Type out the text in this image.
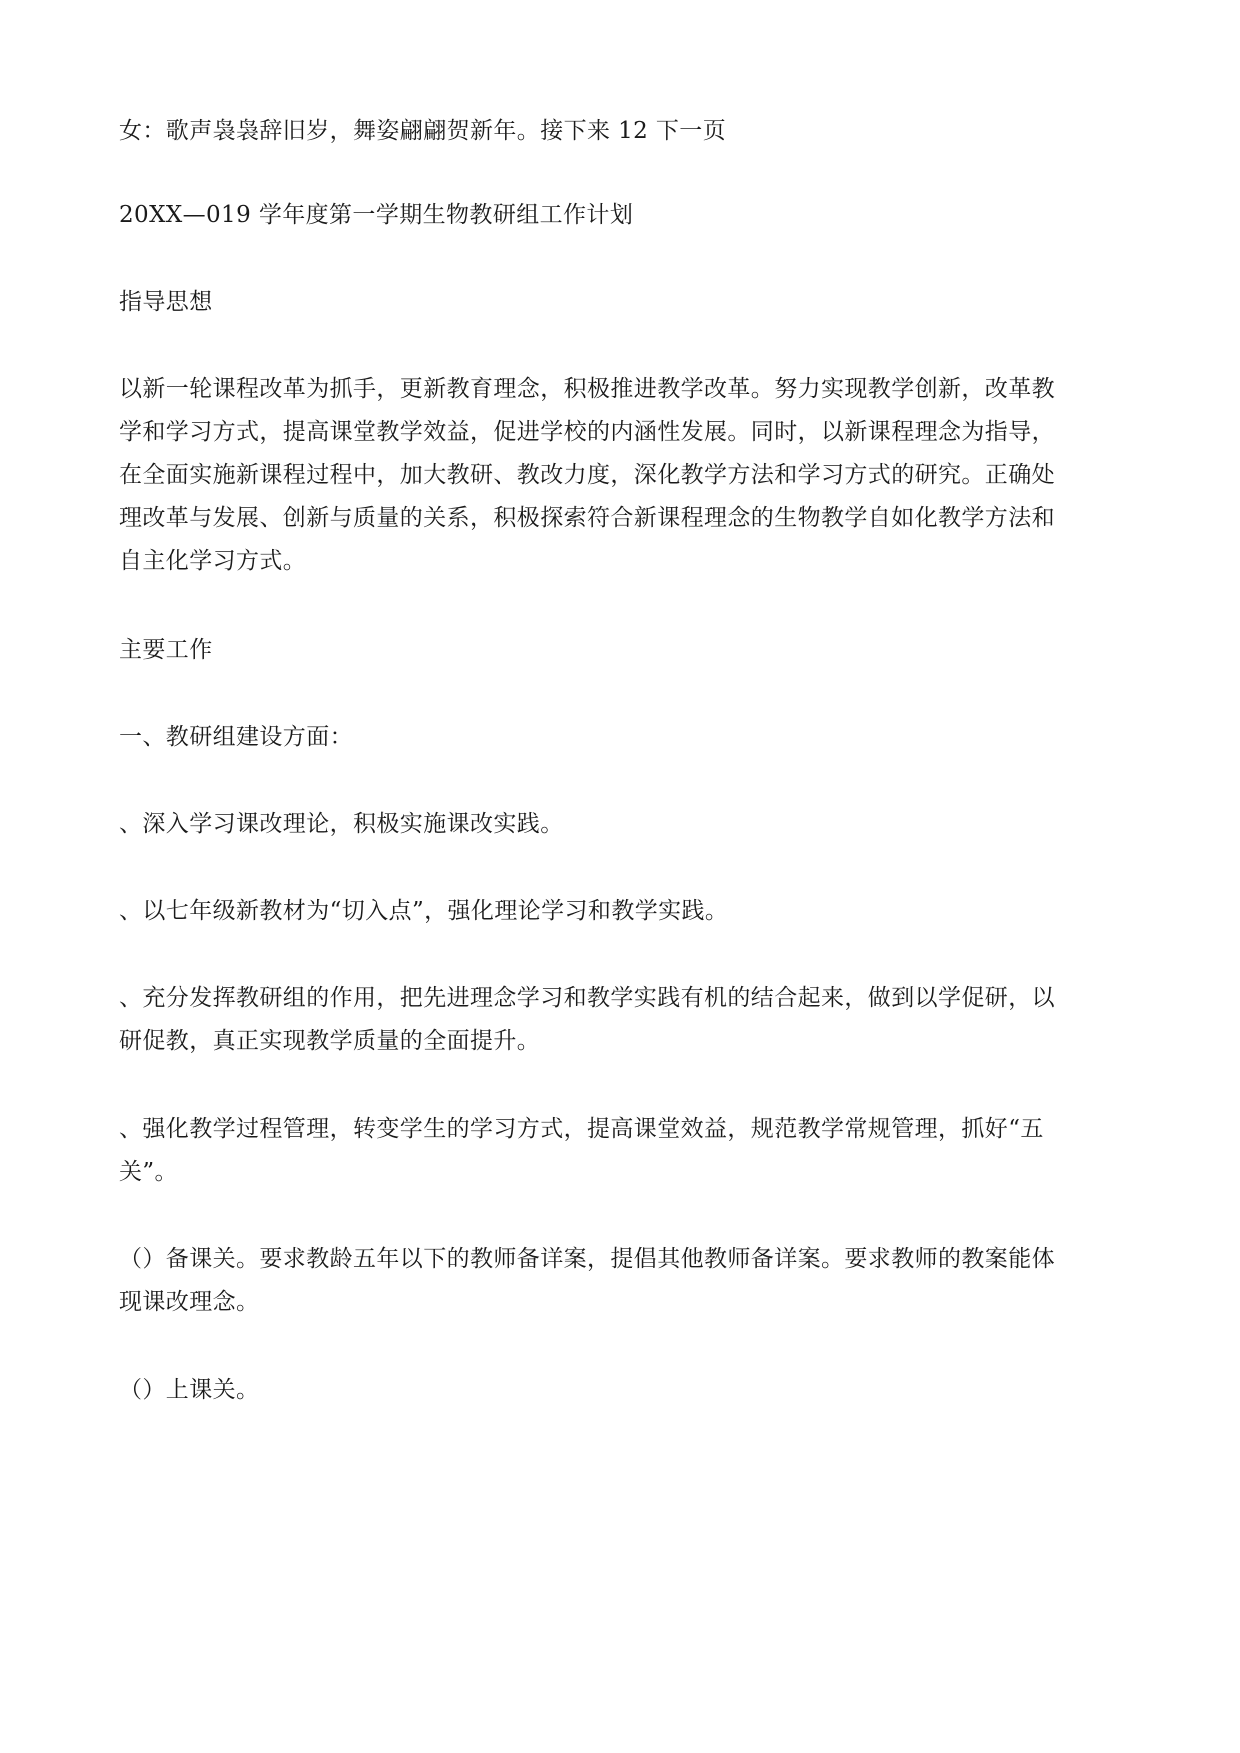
女：歌声袅袅辞旧岁，舞姿翩翩贺新年。接下来 12 下一页

20XX—019 学年度第一学期生物教研组工作计划

指导思想

以新一轮课程改革为抓手，更新教育理念，积极推进教学改革。努力实现教学创新，改革教
学和学习方式，提高课堂教学效益，促进学校的内涵性发展。同时，以新课程理念为指导，
在全面实施新课程过程中，加大教研、教改力度，深化教学方法和学习方式的研究。正确处
理改革与发展、创新与质量的关系，积极探索符合新课程理念的生物教学自如化教学方法和
自主化学习方式。

主要工作

一、教研组建设方面：

、深入学习课改理论，积极实施课改实践。

、以七年级新教材为“切入点”，强化理论学习和教学实践。

、充分发挥教研组的作用，把先进理念学习和教学实践有机的结合起来，做到以学促研，以
研促教，真正实现教学质量的全面提升。

、强化教学过程管理，转变学生的学习方式，提高课堂效益，规范教学常规管理，抓好“五
关”。

（）备课关。要求教龄五年以下的教师备详案，提倡其他教师备详案。要求教师的教案能体
现课改理念。

（）上课关。
